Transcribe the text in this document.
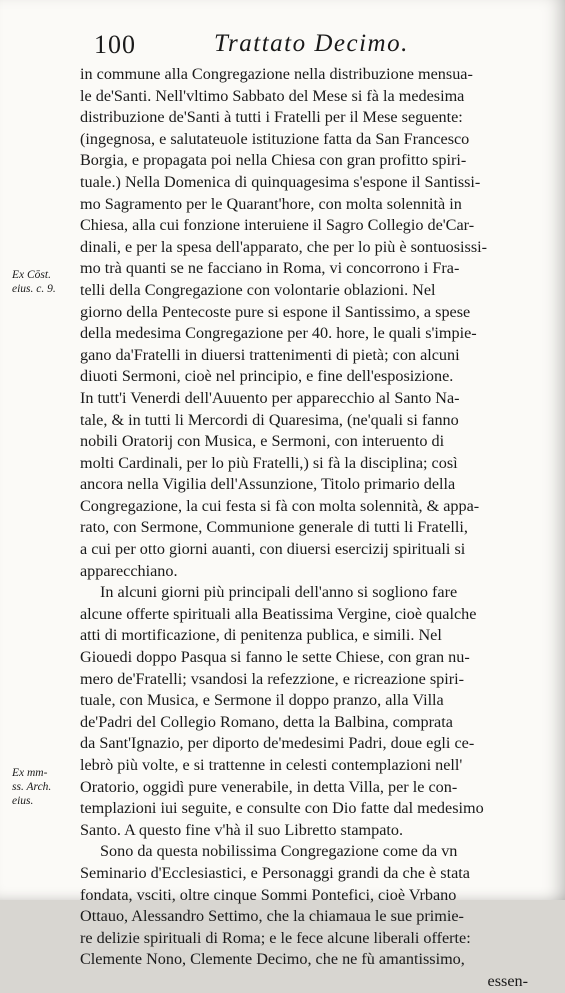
100	Trattato Decimo.
Ex Cōst.
eius. c. 9.
Ex mm-
ss. Arch.
eius.
in commune alla Congregazione nella distribuzione mensua-
le de'Santi. Nell'vltimo Sabbato del Mese si fà la medesima
distribuzione de'Santi à tutti i Fratelli per il Mese seguente:
(ingegnosa, e salutateuole istituzione fatta da San Francesco
Borgia, e propagata poi nella Chiesa con gran profitto spiri-
tuale.) Nella Domenica di quinquagesima s'espone il Santissi-
mo Sagramento per le Quarant'hore, con molta solennità in
Chiesa, alla cui fonzione interuiene il Sagro Collegio de'Car-
dinali, e per la spesa dell'apparato, che per lo più è sontuosissi-
mo trà quanti se ne facciano in Roma, vi concorrono i Fra-
telli della Congregazione con volontarie oblazioni. Nel
giorno della Pentecoste pure si espone il Santissimo, a spese
della medesima Congregazione per 40. hore, le quali s'impie-
gano da'Fratelli in diuersi trattenimenti di pietà; con alcuni
diuoti Sermoni, cioè nel principio, e fine dell'esposizione.
In tutt'i Venerdi dell'Auuento per apparecchio al Santo Na-
tale, & in tutti li Mercordi di Quaresima, (ne'quali si fanno
nobili Oratorij con Musica, e Sermoni, con interuento di
molti Cardinali, per lo più Fratelli,) si fà la disciplina; così
ancora nella Vigilia dell'Assunzione, Titolo primario della
Congregazione, la cui festa si fà con molta solennità, & appa-
rato, con Sermone, Communione generale di tutti li Fratelli,
a cui per otto giorni auanti, con diuersi esercizij spirituali si
apparecchiano.
In alcuni giorni più principali dell'anno si sogliono fare
alcune offerte spirituali alla Beatissima Vergine, cioè qualche
atti di mortificazione, di penitenza publica, e simili. Nel
Giouedi doppo Pasqua si fanno le sette Chiese, con gran nu-
mero de'Fratelli; vsandosi la refezzione, e ricreazione spiri-
tuale, con Musica, e Sermone il doppo pranzo, alla Villa
de'Padri del Collegio Romano, detta la Balbina, comprata
da Sant'Ignazio, per diporto de'medesimi Padri, doue egli ce-
lebrò più volte, e si trattenne in celesti contemplazioni nell'
Oratorio, oggidì pure venerabile, in detta Villa, per le con-
templazioni iui seguite, e consulte con Dio fatte dal medesimo
Santo. A questo fine v'hà il suo Libretto stampato.
Sono da questa nobilissima Congregazione come da vn
Seminario d'Ecclesiastici, e Personaggi grandi da che è stata
fondata, vsciti, oltre cinque Sommi Pontefici, cioè Vrbano
Ottauo, Alessandro Settimo, che la chiamaua le sue primie-
re delizie spirituali di Roma; e le fece alcune liberali offerte:
Clemente Nono, Clemente Decimo, che ne fù amantissimo,
essen-
